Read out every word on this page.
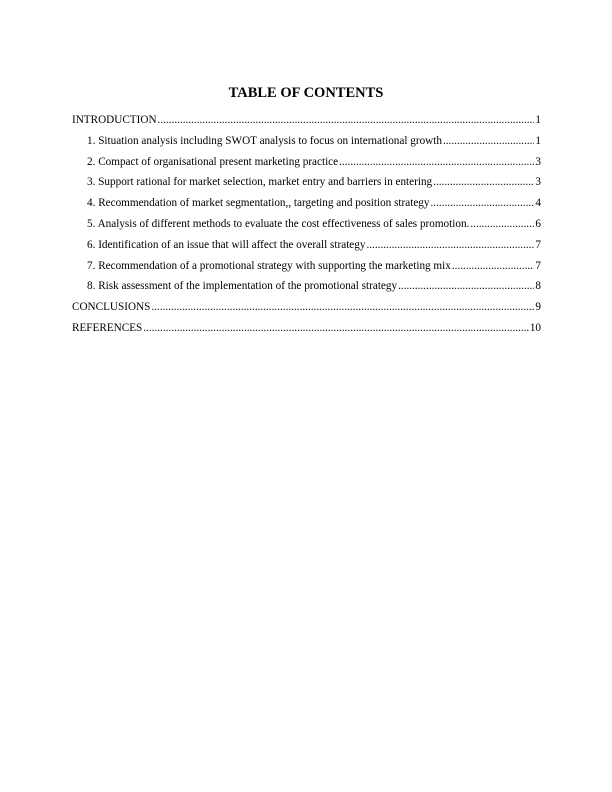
TABLE OF CONTENTS
INTRODUCTION .....	1
1. Situation analysis including SWOT analysis to focus on international growth .....	1
2. Compact of organisational present marketing practice .....	3
3. Support rational for market selection, market entry and barriers in entering .....	3
4. Recommendation of market segmentation,, targeting and position strategy .....	4
5. Analysis of different methods to evaluate the cost effectiveness of sales promotion. .....	6
6. Identification of an issue that will affect the overall strategy .....	7
7. Recommendation of a promotional strategy with supporting the marketing mix .....	7
8. Risk assessment of the implementation of the promotional strategy .....	8
CONCLUSIONS .....	9
REFERENCES .....	10
